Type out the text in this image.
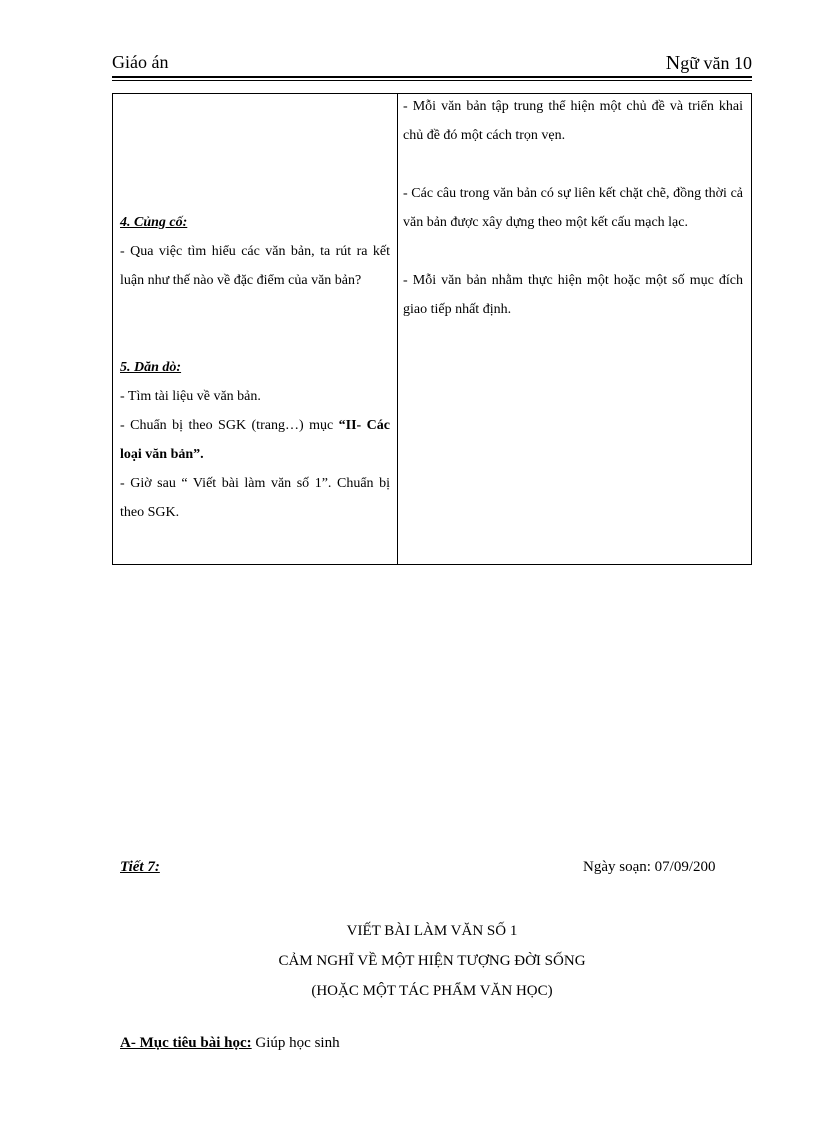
Giáo án	Ngữ văn 10

4. Củng cố:

- Qua việc tìm hiểu các văn bản, ta rút ra kết luận như thế nào về đặc điểm của văn bản?

5. Dăn dò:

- Tìm tài liệu về văn bản.

- Chuẩn bị theo SGK (trang…) mục “II- Các loại văn bản”.

- Giờ sau “ Viết bài làm văn số 1”. Chuẩn bị theo SGK.

- Mỗi văn bản tập trung thể hiện một chủ đề và triển khai chủ đề đó một cách trọn vẹn.

- Các câu trong văn bản có sự liên kết chặt chẽ, đồng thời cả văn bản được xây dựng theo một kết cấu mạch lạc.

- Mỗi văn bản nhằm thực hiện một hoặc một số mục đích giao tiếp nhất định.

Tiết 7:	Ngày soạn: 07/09/200
VIẾT BÀI LÀM VĂN SỐ 1
CẢM NGHĨ VỀ MỘT HIỆN TƯỢNG ĐỜI SỐNG
(HOẶC MỘT TÁC PHẨM VĂN HỌC)
A- Mục tiêu bài học: Giúp học sinh
